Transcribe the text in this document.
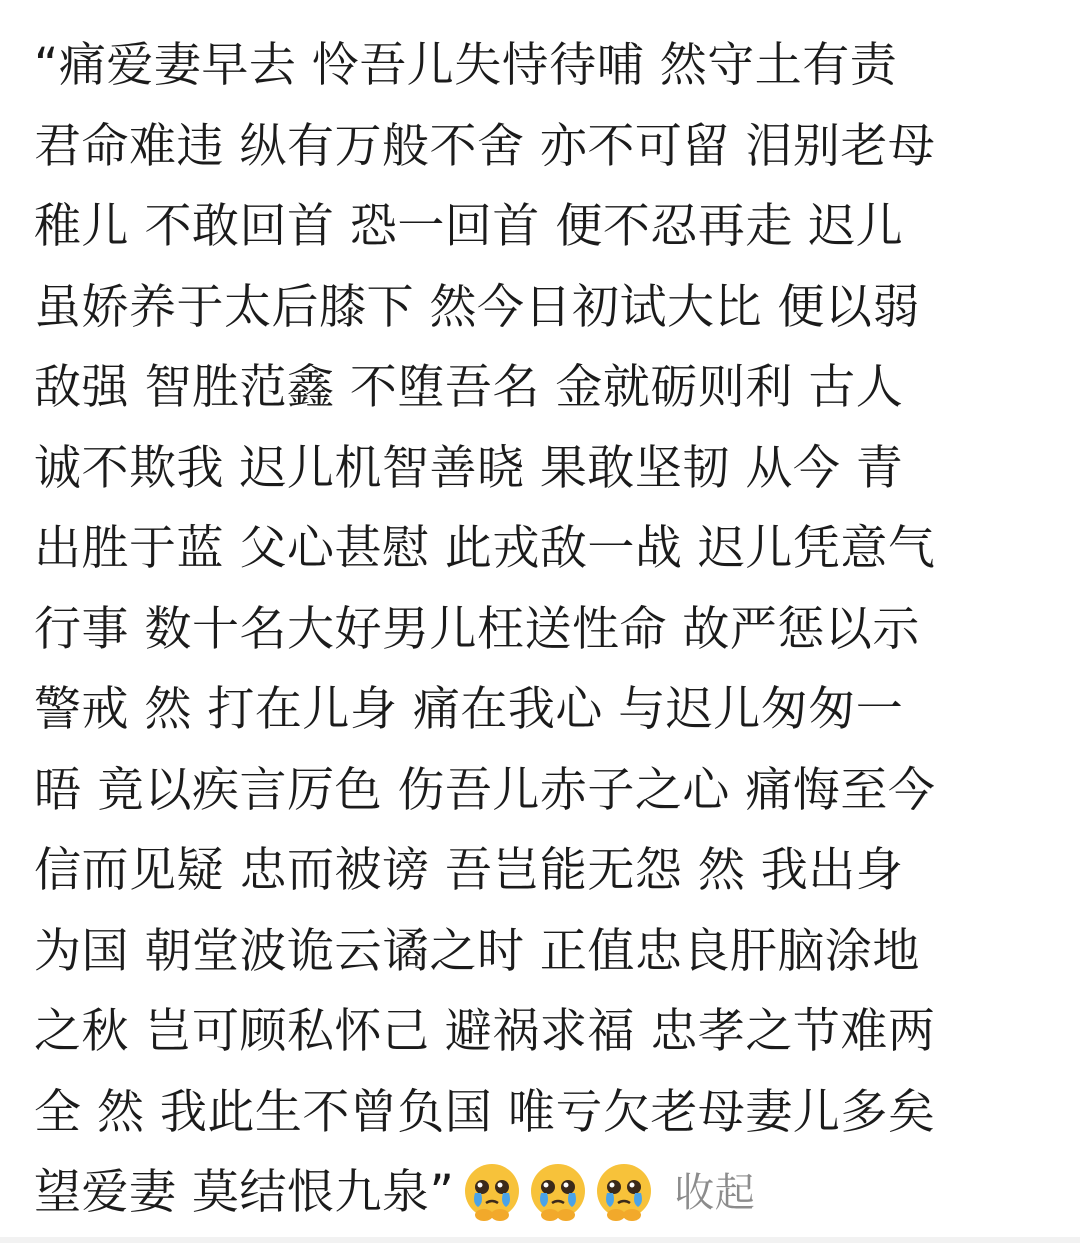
“痛爱妻早去 怜吾儿失恃待哺 然守土有责
君命难违 纵有万般不舍 亦不可留 泪别老母
稚儿 不敢回首 恐一回首 便不忍再走 迟儿
虽娇养于太后膝下 然今日初试大比 便以弱
敌强 智胜范鑫 不堕吾名 金就砺则利 古人
诚不欺我 迟儿机智善晓 果敢坚韧 从今 青
出胜于蓝 父心甚慰 此戎敌一战 迟儿凭意气
行事 数十名大好男儿枉送性命 故严惩以示
警戒 然 打在儿身 痛在我心 与迟儿匆匆一
晤 竟以疾言厉色 伤吾儿赤子之心 痛悔至今
信而见疑 忠而被谤 吾岂能无怨 然 我出身
为国 朝堂波诡云谲之时 正值忠良肝脑涂地
之秋 岂可顾私怀己 避祸求福 忠孝之节难两
全 然 我此生不曾负国 唯亏欠老母妻儿多矣
望爱妻 莫结恨九泉”	收起
